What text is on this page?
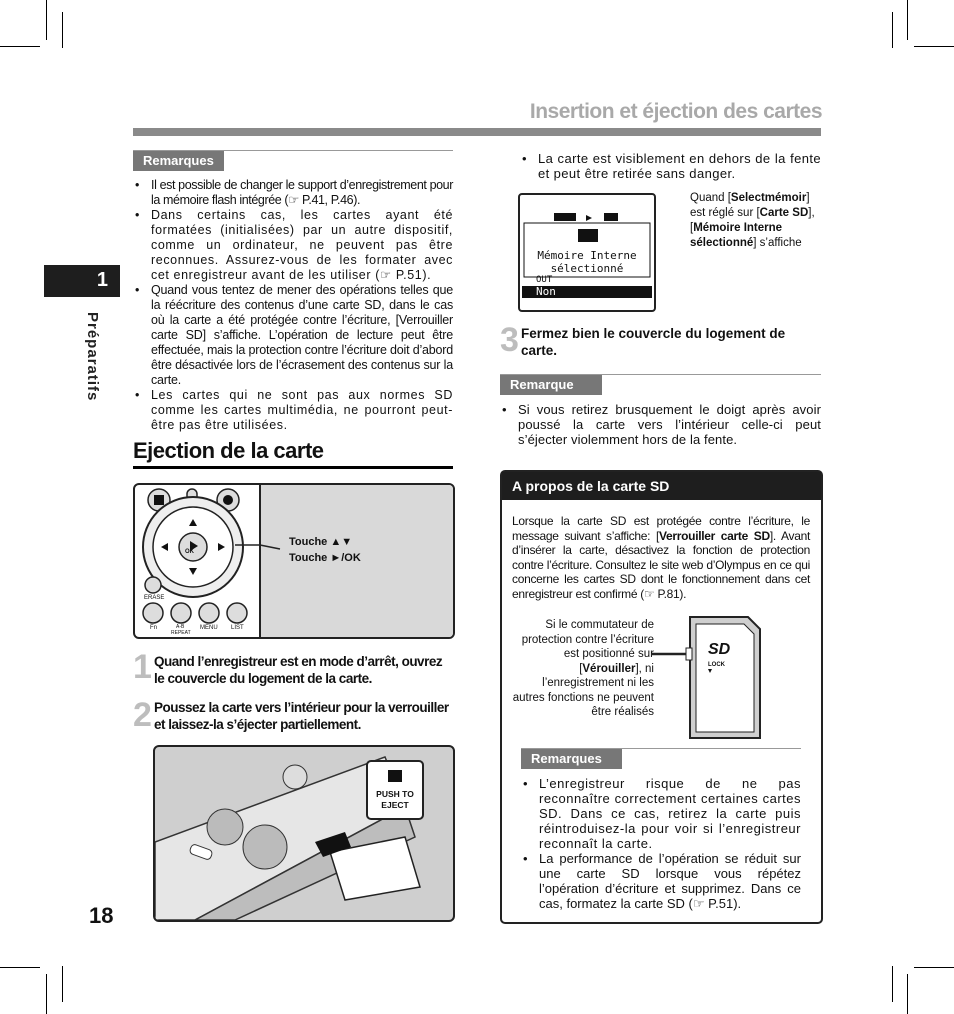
Insertion et éjection des cartes
1
Préparatifs
18
Remarques
• Il est possible de changer le support d’enregistrement pour la mémoire flash intégrée (☞ P.41, P.46).
• Dans certains cas, les cartes ayant été formatées (initialisées) par un autre dispositif, comme un ordinateur, ne peuvent pas être reconnues. Assurez-vous de les formater avec cet enregistreur avant de les utiliser (☞ P.51).
• Quand vous tentez de mener des opérations telles que la réécriture des contenus d’une carte SD, dans le cas où la carte a été protégée contre l’écriture, [Verrouiller carte SD] s’affiche. L’opération de lecture peut être effectuée, mais la protection contre l’écriture doit d’abord être désactivée lors de l’écrasement des contenus sur la carte.
• Les cartes qui ne sont pas aux normes SD comme les cartes multimédia, ne pourront peut-être pas être utilisées.
Ejection de la carte
OK
ERASE
Fn	A-B
REPEAT
MENU LIST
Touche ▲▼
Touche ►/OK
1 Quand l’enregistreur est en mode d’arrêt, ouvrez le couvercle du logement de la carte.
2 Poussez la carte vers l’intérieur pour la verrouiller et laissez-la s’éjecter partiellement.
PUSH TO EJECT
• La carte est visiblement en dehors de la fente et peut être retirée sans danger.
Mémoire Interne
sélectionné
OUT
Non
Quand [Selectmémoir] est réglé sur [Carte SD], [Mémoire Interne sélectionné] s’affiche
3 Fermez bien le couvercle du logement de carte.
Remarque
• Si vous retirez brusquement le doigt après avoir poussé la carte vers l’intérieur celle-ci peut s’éjecter violemment hors de la fente.
A propos de la carte SD
Lorsque la carte SD est protégée contre l’écriture, le message suivant s’affiche: [Verrouiller carte SD]. Avant d’insérer la carte, désactivez la fonction de protection contre l’écriture. Consultez le site web d’Olympus en ce qui concerne les cartes SD dont le fonctionnement dans cet enregistreur est confirmé (☞ P.81).
Si le commutateur de protection contre l’écriture est positionné sur [Vérouiller], ni l’enregistrement ni les autres fonctions ne peuvent être réalisés
SD
LOCK
Remarques
• L’enregistreur risque de ne pas reconnaître correctement certaines cartes SD. Dans ce cas, retirez la carte puis réintroduisez-la pour voir si l’enregistreur reconnaît la carte.
• La performance de l’opération se réduit sur une carte SD lorsque vous répétez l’opération d’écriture et supprimez. Dans ce cas, formatez la carte SD (☞ P.51).
